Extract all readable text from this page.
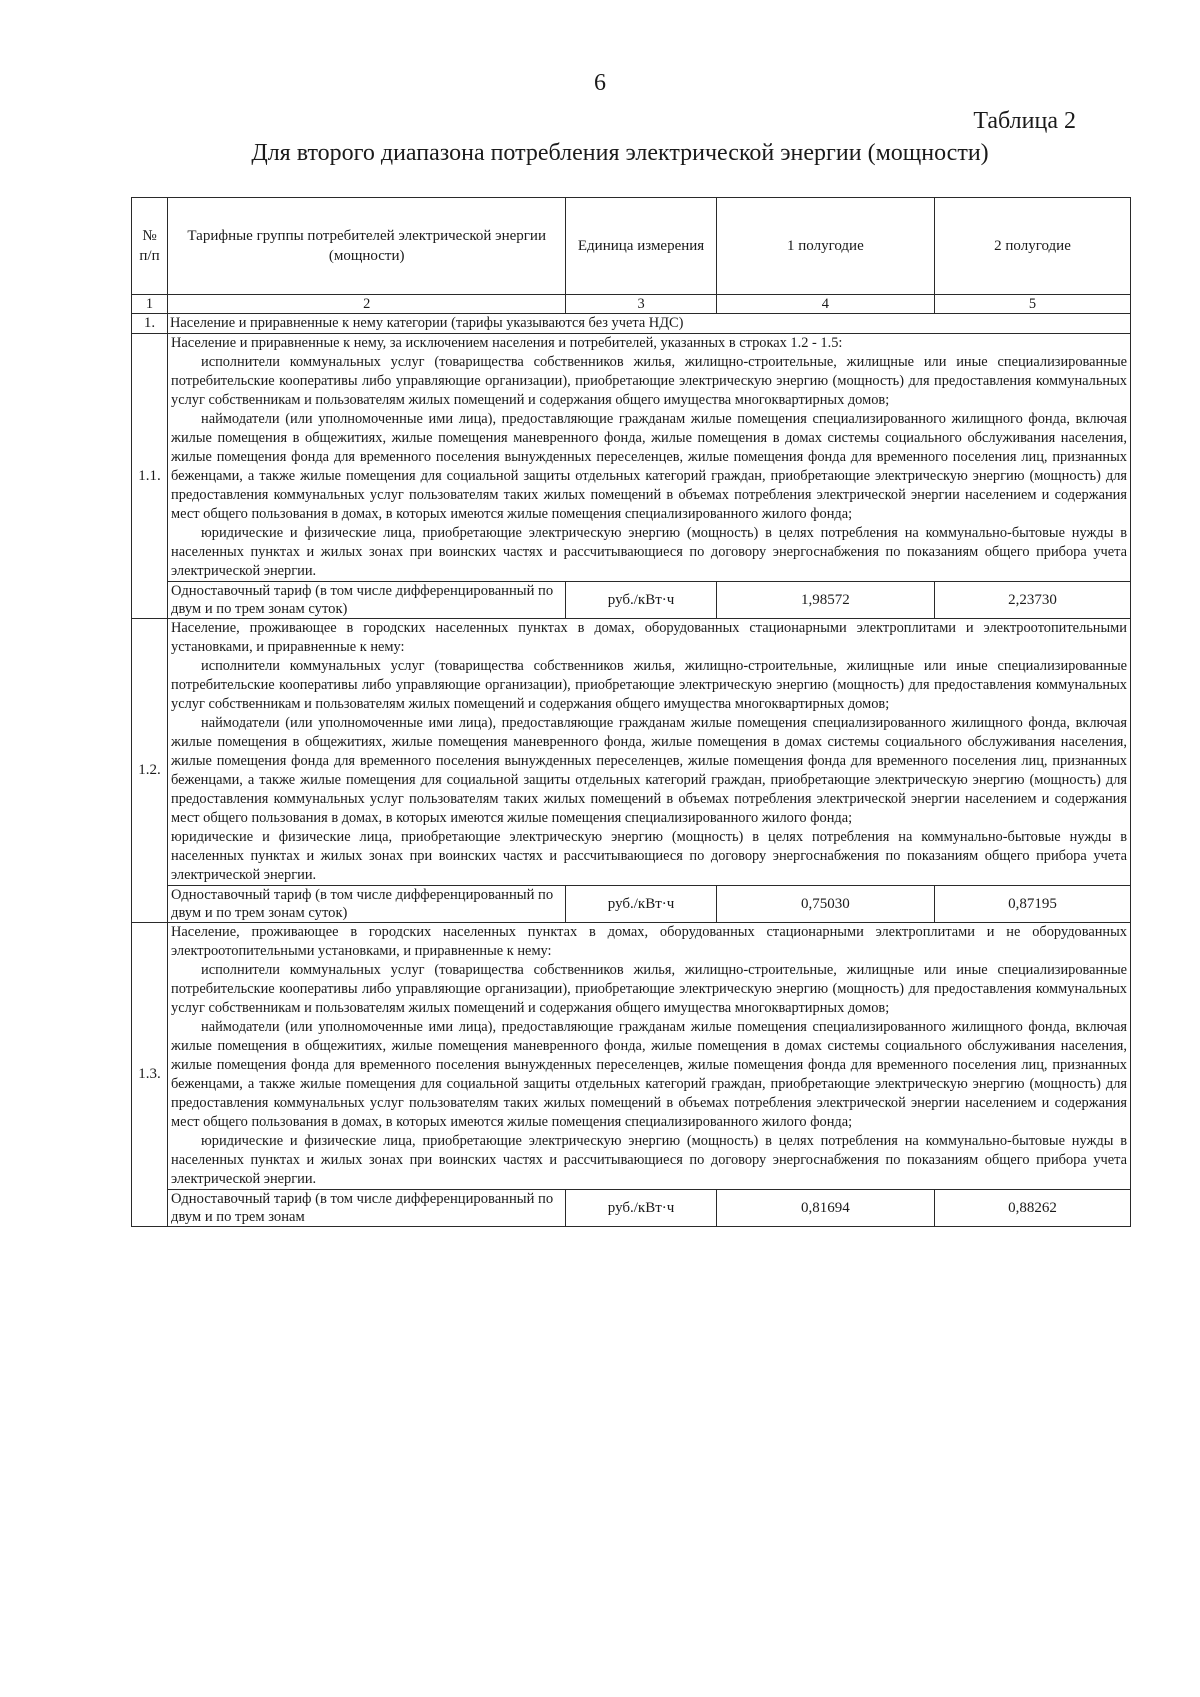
6
Таблица 2
Для второго диапазона потребления электрической энергии (мощности)
№ п/п	Тарифные группы потребителей электрической энергии (мощности)	Единица измерения	1 полугодие	2 полугодие
1	2	3	4	5
1.	Население и приравненные к нему категории (тарифы указываются без учета НДС)			
1.1.	Население и приравненные к нему, за исключением населения и потребителей, указанных в строках 1.2 - 1.5:

исполнители коммунальных услуг (товарищества собственников жилья, жилищно-строительные, жилищные или иные специализированные потребительские кооперативы либо управляющие организации), приобретающие электрическую энергию (мощность) для предоставления коммунальных услуг собственникам и пользователям жилых помещений и содержания общего имущества многоквартирных домов;

наймодатели (или уполномоченные ими лица), предоставляющие гражданам жилые помещения специализированного жилищного фонда, включая жилые помещения в общежитиях, жилые помещения маневренного фонда, жилые помещения в домах системы социального обслуживания населения, жилые помещения фонда для временного поселения вынужденных переселенцев, жилые помещения фонда для временного поселения лиц, признанных беженцами, а также жилые помещения для социальной защиты отдельных категорий граждан, приобретающие электрическую энергию (мощность) для предоставления коммунальных услуг пользователям таких жилых помещений в объемах потребления электрической энергии населением и содержания мест общего пользования в домах, в которых имеются жилые помещения специализированного жилого фонда;

юридические и физические лица, приобретающие электрическую энергию (мощность) в целях потребления на коммунально-бытовые нужды в населенных пунктах и жилых зонах при воинских частях и рассчитывающиеся по договору энергоснабжения по показаниям общего прибора учета электрической энергии.			

	Одноставочный тариф (в том числе дифференцированный по двум и по трем зонам суток)	руб./кВт·ч	1,98572	2,23730
1.2.	Население, проживающее в городских населенных пунктах в домах, оборудованных стационарными электроплитами и электроотопительными установками, и приравненные к нему:

исполнители коммунальных услуг (товарищества собственников жилья, жилищно-строительные, жилищные или иные специализированные потребительские кооперативы либо управляющие организации), приобретающие электрическую энергию (мощность) для предоставления коммунальных услуг собственникам и пользователям жилых помещений и содержания общего имущества многоквартирных домов;

наймодатели (или уполномоченные ими лица), предоставляющие гражданам жилые помещения специализированного жилищного фонда, включая жилые помещения в общежитиях, жилые помещения маневренного фонда, жилые помещения в домах системы социального обслуживания населения, жилые помещения фонда для временного поселения вынужденных переселенцев, жилые помещения фонда для временного поселения лиц, признанных беженцами, а также жилые помещения для социальной защиты отдельных категорий граждан, приобретающие электрическую энергию (мощность) для предоставления коммунальных услуг пользователям таких жилых помещений в объемах потребления электрической энергии населением и содержания мест общего пользования в домах, в которых имеются жилые помещения специализированного жилого фонда;

юридические и физические лица, приобретающие электрическую энергию (мощность) в целях потребления на коммунально-бытовые нужды в населенных пунктах и жилых зонах при воинских частях и рассчитывающиеся по договору энергоснабжения по показаниям общего прибора учета электрической энергии.			

	Одноставочный тариф (в том числе дифференцированный по двум и по трем зонам суток)	руб./кВт·ч	0,75030	0,87195
1.3.	Население, проживающее в городских населенных пунктах в домах, оборудованных стационарными электроплитами и не оборудованных электроотопительными установками, и приравненные к нему:

исполнители коммунальных услуг (товарищества собственников жилья, жилищно-строительные, жилищные или иные специализированные потребительские кооперативы либо управляющие организации), приобретающие электрическую энергию (мощность) для предоставления коммунальных услуг собственникам и пользователям жилых помещений и содержания общего имущества многоквартирных домов;

наймодатели (или уполномоченные ими лица), предоставляющие гражданам жилые помещения специализированного жилищного фонда, включая жилые помещения в общежитиях, жилые помещения маневренного фонда, жилые помещения в домах системы социального обслуживания населения, жилые помещения фонда для временного поселения вынужденных переселенцев, жилые помещения фонда для временного поселения лиц, признанных беженцами, а также жилые помещения для социальной защиты отдельных категорий граждан, приобретающие электрическую энергию (мощность) для предоставления коммунальных услуг пользователям таких жилых помещений в объемах потребления электрической энергии населением и содержания мест общего пользования в домах, в которых имеются жилые помещения специализированного жилого фонда;

юридические и физические лица, приобретающие электрическую энергию (мощность) в целях потребления на коммунально-бытовые нужды в населенных пунктах и жилых зонах при воинских частях и рассчитывающиеся по договору энергоснабжения по показаниям общего прибора учета электрической энергии.			

	Одноставочный тариф (в том числе дифференцированный по двум и по трем зонам	руб./кВт·ч	0,81694	0,88262
